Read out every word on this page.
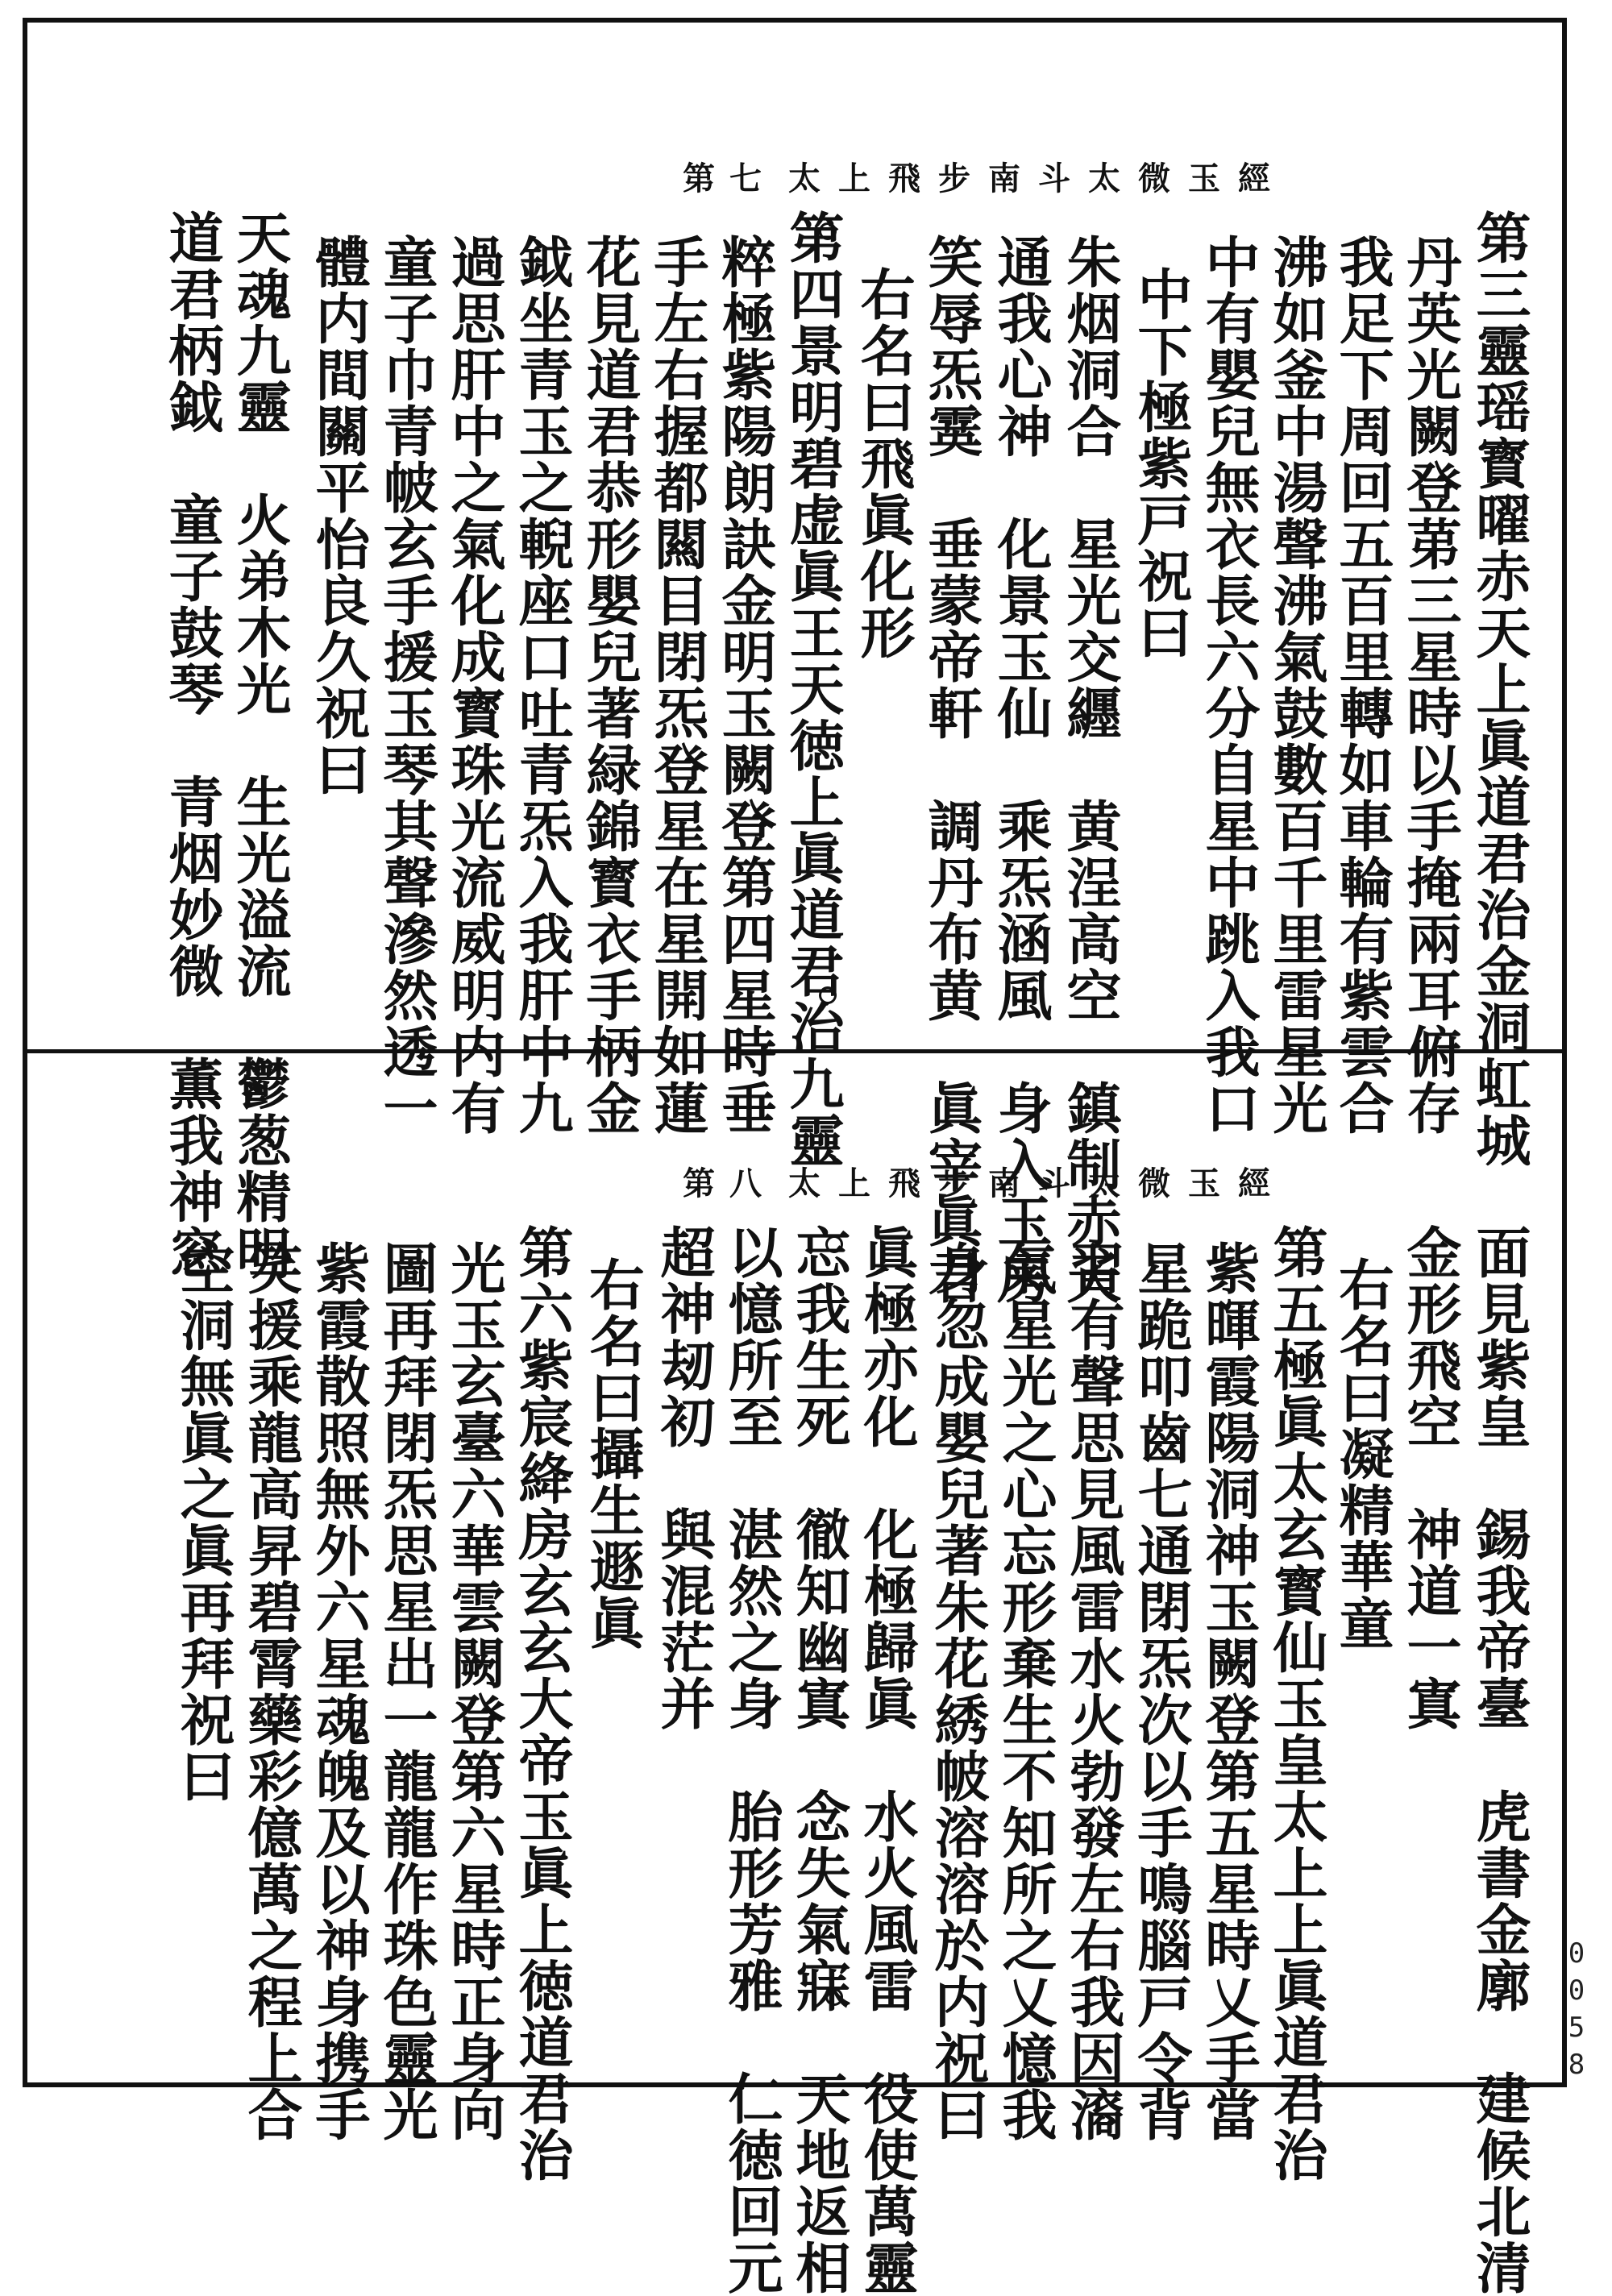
太上飛步南斗太微玉經
第七
第三靈瑶寳曜赤天上眞道君治金洞虹城
丹英光闕登苐三星時以手掩兩耳俯存
我足下周回五百里轉如車輪有紫雲合
沸如釜中湯聲沸氣鼓數百千里雷星光
中有嬰兒無衣長六分自星中跳入我口
中下極紫戸祝曰
朱烟洞合　星光交纒　黄浧高空　鎮制赤天
通我心神　化景玉仙　乘炁涵風　身入玉房
笑辱炁霙　垂蒙帝軒　調丹布黄　眞宰眞君
右名曰飛眞化形
第四景明碧虚眞王天徳上眞道君治九靈
粹極紫陽朗訣金明玉闕登第四星時垂
手左右握都闗目閉炁登星在星開如蓮
花見道君恭形嬰兒著緑錦寳衣手柄金
鉞坐青玉之輗座口吐青炁入我肝中九
過思肝中之氣化成寳珠光流威明内有
童子巾青帔玄手援玉琴其聲滲然透一
體内間關平怡良久祝曰
天魂九靈　火弟木光　生光溢流　鬱葱精明
道君柄鉞　童子鼓琴　青烟妙微　薫我神窓	太上飛步南斗太微玉經
第八
面見紫皇　錫我帝臺　虎書金廓　建候北清
金形飛空　神道一寘
右名曰凝精華童
第五極眞太玄寳仙玉皇太上上眞道君治
紫暉霞陽洞神玉闕登第五星時乂手當
星跪叩齒七通閉炁次以手鳴腦戸令背
習有聲思見風雷水火勃發左右我因㵝
氣星光之心忘形棄生不知所之乂憶我
身忽成嬰兒著朱花綉帔溶溶於内祝曰
眞極亦化　化極歸眞　水火風雷　役使萬靈
忘我生死　徹知幽寘　念失氣寐　天地返相
以憶所至　湛然之身　胎形芳雅　仁徳回元
超神刼初　與混茫并
右名曰攝生遯眞
第六紫宸絳房玄玄大帝玉眞上徳道君治
光玉玄臺六華雲闕登第六星時正身向
圖再拜閉炁思星出一龍龍作珠色靈光
紫霞散照無外六星魂魄及以神身携手
笑援乘龍高昇碧霄藥彩億萬之程上合
空洞無眞之眞再拜祝曰
0058
